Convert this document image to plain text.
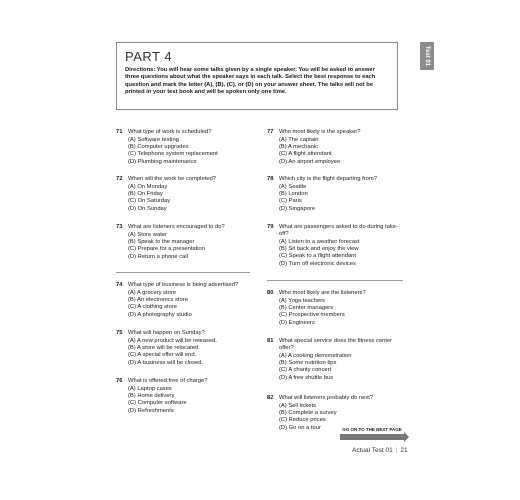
PART 4

Directions: You will hear some talks given by a single speaker. You will be asked to answer three questions about what the speaker says in each talk. Select the best response to each question and mark the letter (A), (B), (C), or (D) on your answer sheet. The talks will not be printed in your test book and will be spoken only one time.

Test 01
71 What type of work is scheduled?
(A) Software testing
(B) Computer upgrades
(C) Telephone system replacement
(D) Plumbing maintenance
72 When will the work be completed?
(A) On Monday
(B) On Friday
(C) On Saturday
(D) On Sunday
73 What are listeners encouraged to do?
(A) Store water
(B) Speak to the manager
(C) Prepare for a presentation
(D) Return a phone call
74 What type of business is being advertised?
(A) A grocery store
(B) An electronics store
(C) A clothing store
(D) A photography studio
75 What will happen on Sunday?
(A) A new product will be released.
(B) A store will be relocated.
(C) A special offer will end.
(D) A business will be closed.
76 What is offered free of charge?
(A) Laptop cases
(B) Home delivery
(C) Computer software
(D) Refreshments
77 Who most likely is the speaker?
(A) The captain
(B) A mechanic
(C) A flight attendant
(D) An airport employee
78 Which city is the flight departing from?
(A) Seattle
(B) London
(C) Paris
(D) Singapore
79 What are passengers asked to do during take-off?
(A) Listen to a weather forecast
(B) Sit back and enjoy the view
(C) Speak to a flight attendant
(D) Turn off electronic devices
80 Who most likely are the listeners?
(A) Yoga teachers
(B) Center managers
(C) Prospective members
(D) Engineers
81 What special service does the fitness center offer?
(A) A cooking demonstration
(B) Some nutrition tips
(C) A charity concert
(D) A free shuttle bus
82 What will listeners probably do next?
(A) Sell tickets
(B) Complete a survey
(C) Reduce prices
(D) Go on a tour	GO ON TO THE NEXT PAGE
Actual Test 01 | 21
